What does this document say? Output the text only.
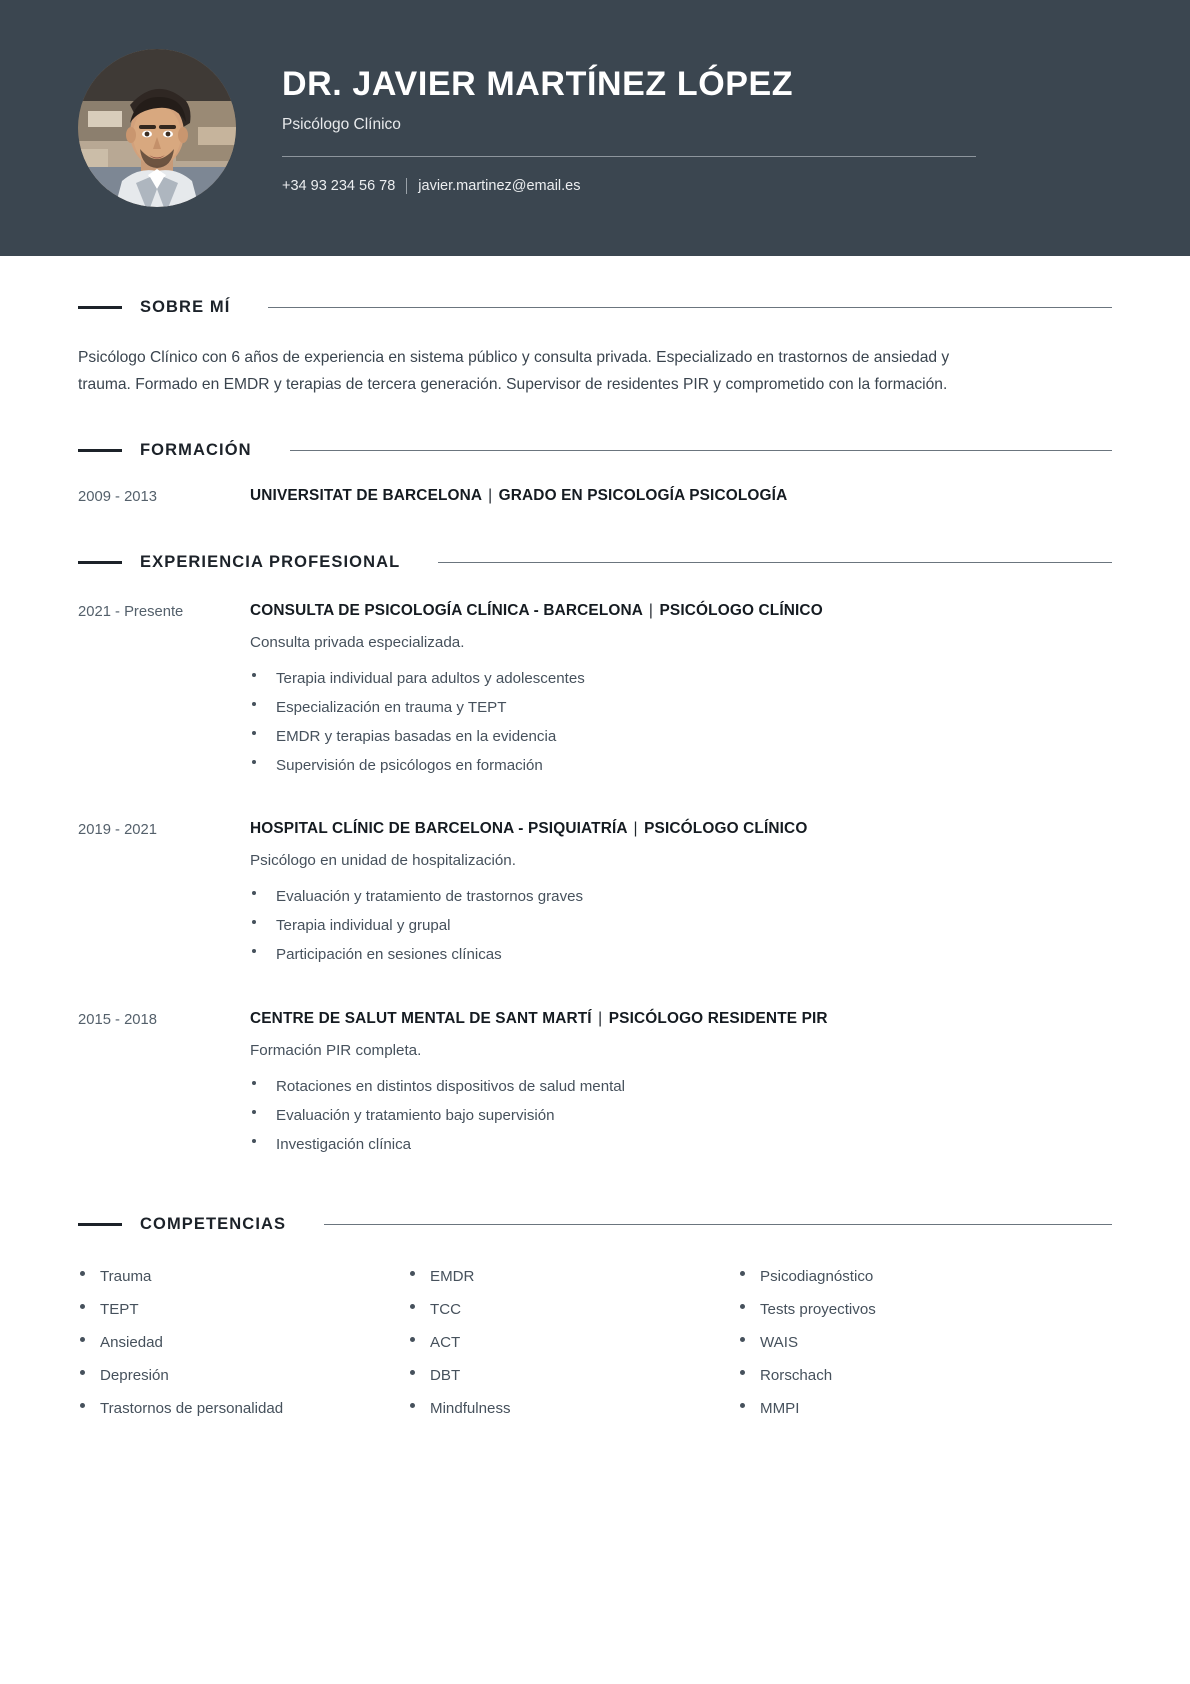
DR. JAVIER MARTÍNEZ LÓPEZ
Psicólogo Clínico
+34 93 234 56 78 javier.martinez@email.es
SOBRE MÍ

Psicólogo Clínico con 6 años de experiencia en sistema público y consulta privada. Especializado en trastornos de ansiedad y trauma. Formado en EMDR y terapias de tercera generación. Supervisor de residentes PIR y comprometido con la formación.

FORMACIÓN
2009 - 2013	UNIVERSITAT DE BARCELONA | GRADO EN PSICOLOGÍA PSICOLOGÍA
EXPERIENCIA PROFESIONAL
2021 - Presente	CONSULTA DE PSICOLOGÍA CLÍNICA - BARCELONA | PSICÓLOGO CLÍNICO
Consulta privada especializada.
Terapia individual para adultos y adolescentes
Especialización en trauma y TEPT
EMDR y terapias basadas en la evidencia
Supervisión de psicólogos en formación
2019 - 2021	HOSPITAL CLÍNIC DE BARCELONA - PSIQUIATRÍA | PSICÓLOGO CLÍNICO
Psicólogo en unidad de hospitalización.
Evaluación y tratamiento de trastornos graves
Terapia individual y grupal
Participación en sesiones clínicas
2015 - 2018	CENTRE DE SALUT MENTAL DE SANT MARTÍ | PSICÓLOGO RESIDENTE PIR
Formación PIR completa.
Rotaciones en distintos dispositivos de salud mental
Evaluación y tratamiento bajo supervisión
Investigación clínica
COMPETENCIAS
Trauma
TEPT
Ansiedad
Depresión
Trastornos de personalidad
EMDR
TCC
ACT
DBT
Mindfulness
Psicodiagnóstico
Tests proyectivos
WAIS
Rorschach
MMPI
